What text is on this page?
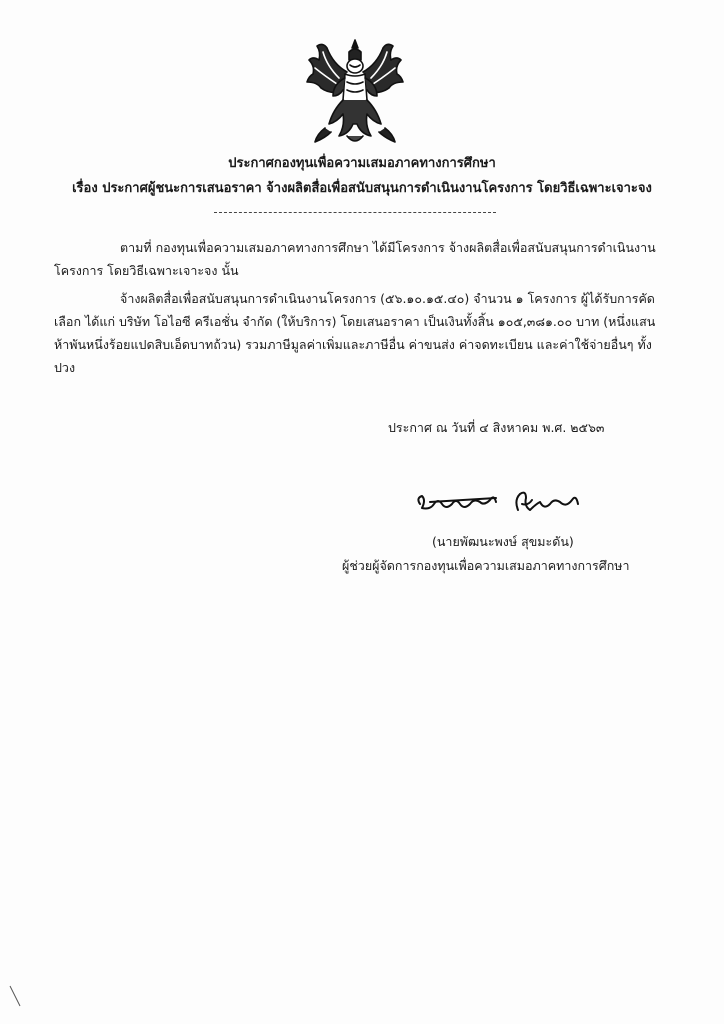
ประกาศกองทุนเพื่อความเสมอภาคทางการศึกษา
เรื่อง ประกาศผู้ชนะการเสนอราคา จ้างผลิตสื่อเพื่อสนับสนุนการดำเนินงานโครงการ โดยวิธีเฉพาะเจาะจง
ตามที่ กองทุนเพื่อความเสมอภาคทางการศึกษา ได้มีโครงการ จ้างผลิตสื่อเพื่อสนับสนุนการดำเนินงาน
โครงการ โดยวิธีเฉพาะเจาะจง นั้น
จ้างผลิตสื่อเพื่อสนับสนุนการดำเนินงานโครงการ (๕๖.๑๐.๑๕.๔๐) จำนวน ๑ โครงการ ผู้ได้รับการคัด
เลือก ได้แก่ บริษัท โอไอซี ครีเอชั่น จำกัด (ให้บริการ) โดยเสนอราคา เป็นเงินทั้งสิ้น ๑๐๕,๓๘๑.๐๐ บาท (หนึ่งแสน
ห้าพันหนึ่งร้อยแปดสิบเอ็ดบาทถ้วน) รวมภาษีมูลค่าเพิ่มและภาษีอื่น ค่าขนส่ง ค่าจดทะเบียน และค่าใช้จ่ายอื่นๆ ทั้ง
ปวง
ประกาศ ณ วันที่ ๔ สิงหาคม พ.ศ. ๒๕๖๓
(นายพัฒนะพงษ์ สุขมะดัน)
ผู้ช่วยผู้จัดการกองทุนเพื่อความเสมอภาคทางการศึกษา
